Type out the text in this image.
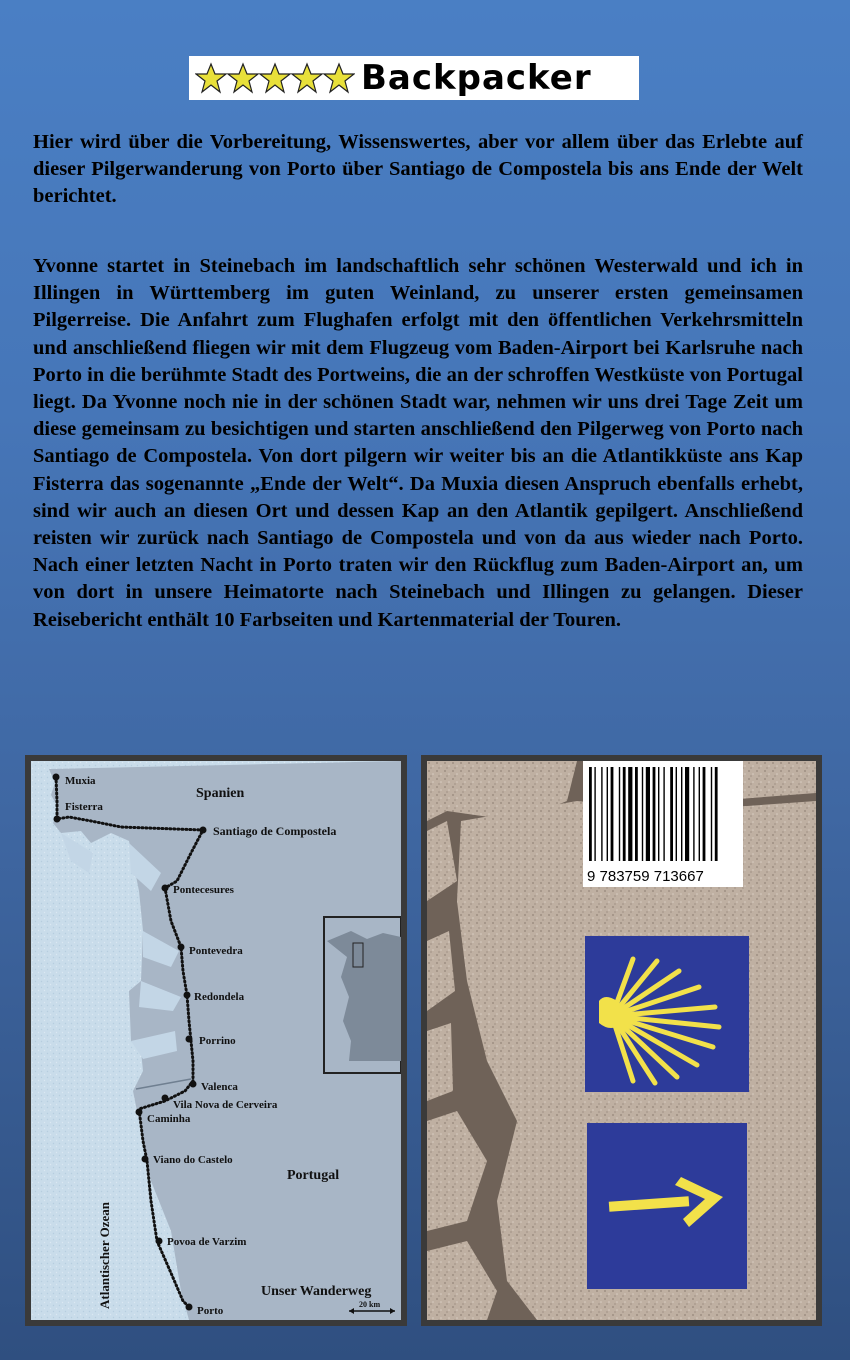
Backpacker

Hier wird über die Vorbereitung, Wissenswertes, aber vor allem über das Erlebte auf dieser Pilgerwanderung von Porto über Santiago de Compostela bis ans Ende der Welt berichtet.

Yvonne startet in Steinebach im landschaftlich sehr schönen Westerwald und ich in Illingen in Württemberg im guten Weinland, zu unserer ersten gemeinsamen Pilgerreise. Die Anfahrt zum Flughafen erfolgt mit den öffentlichen Verkehrsmitteln und anschließend fliegen wir mit dem Flugzeug vom Baden-Airport bei Karlsruhe nach Porto in die berühmte Stadt des Portweins, die an der schroffen Westküste von Portugal liegt. Da Yvonne noch nie in der schönen Stadt war, nehmen wir uns drei Tage Zeit um diese gemeinsam zu besichtigen und starten anschließend den Pilgerweg von Porto nach Santiago de Compostela. Von dort pilgern wir weiter bis an die Atlantikküste ans Kap Fisterra das sogenannte „Ende der Welt“. Da Muxia diesen Anspruch ebenfalls erhebt, sind wir auch an diesen Ort und dessen Kap an den Atlantik gepilgert. Anschließend reisten wir zurück nach Santiago de Compostela und von da aus wieder nach Porto. Nach einer letzten Nacht in Porto traten wir den Rückflug zum Baden-Airport an, um von dort in unsere Heimatorte nach Steinebach und Illingen zu gelangen. Dieser Reisebericht enthält 10 Farbseiten und Kartenmaterial der Touren.

Muxia
Fisterra
Spanien
Santiago de Compostela
Pontecesures
Pontevedra
Redondela
Porrino
Valenca
Vila Nova de Cerveira
Caminha
Viano do Castelo
Portugal
Povoa de Varzim
Porto
Unser Wanderweg
Atlantischer Ozean	20 km
9 783759 713667
